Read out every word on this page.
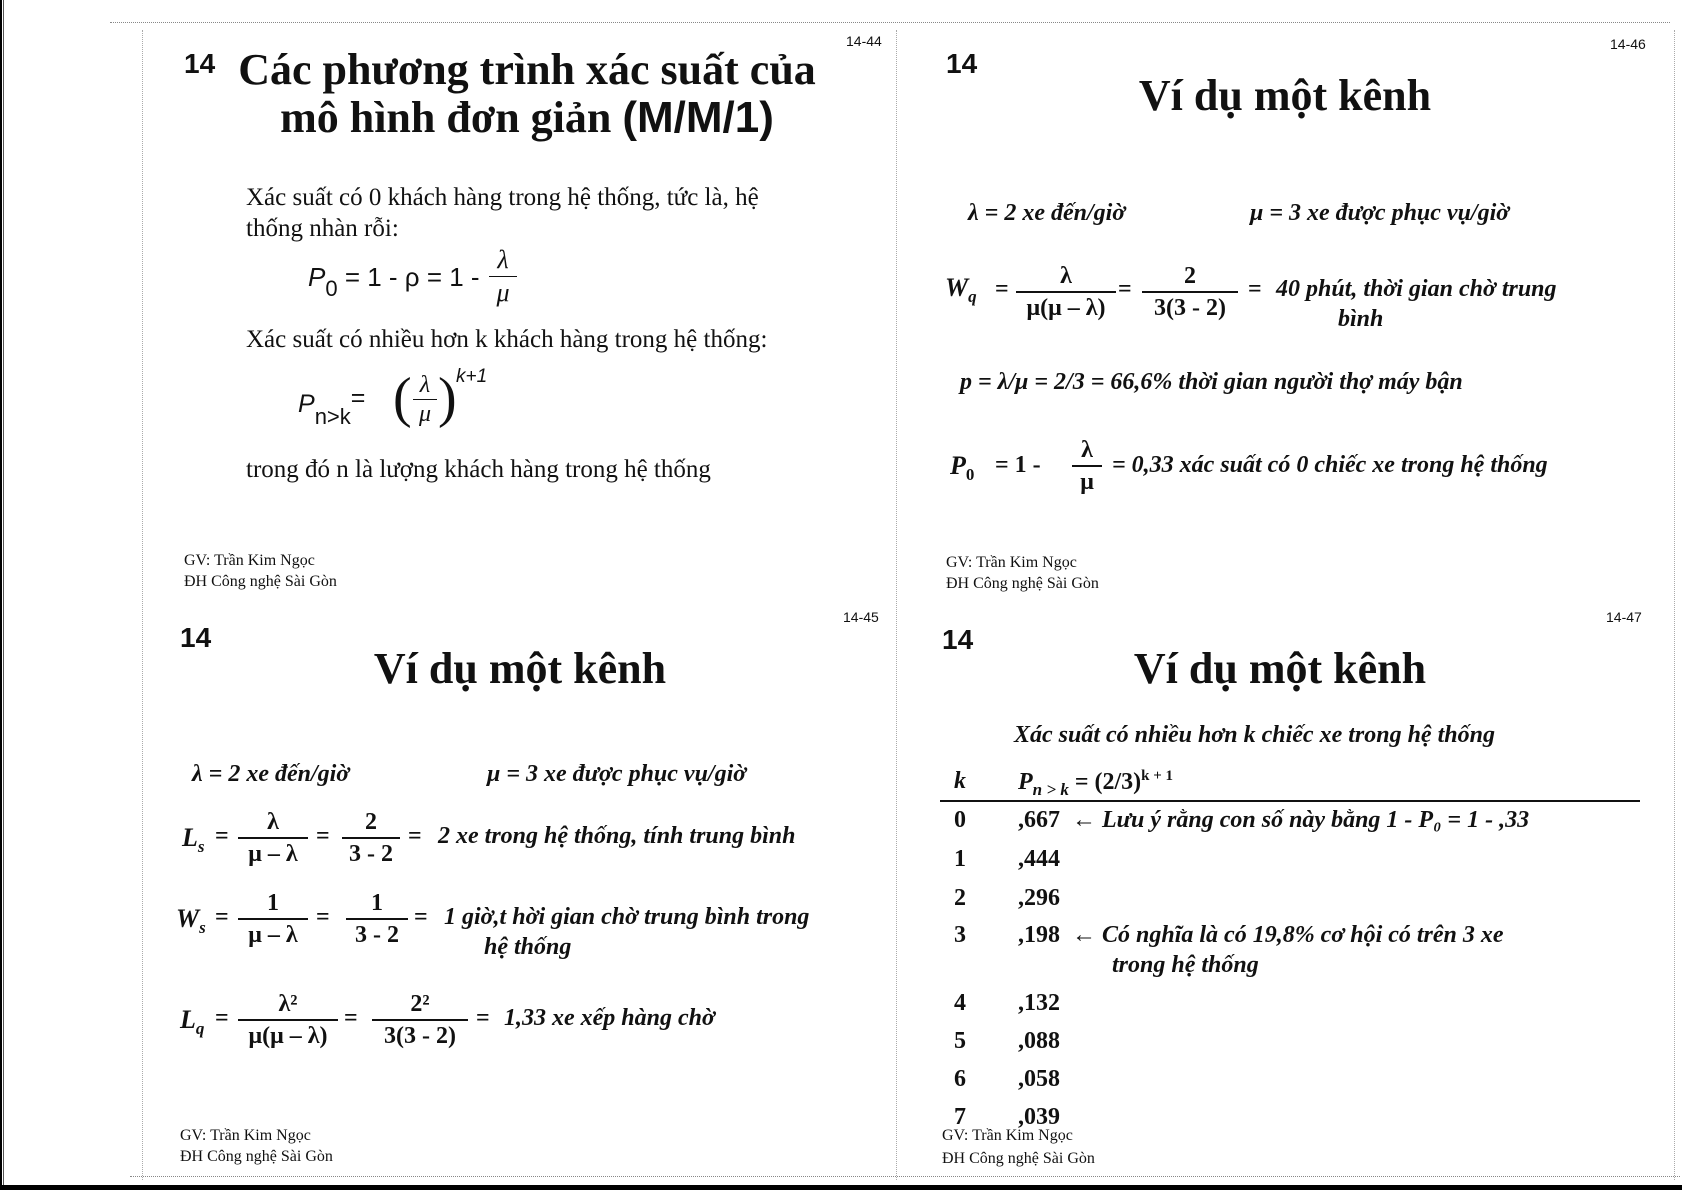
14-44
14 Các phương trình xác suất của
mô hình đơn giản (M/M/1)
Xác suất có 0 khách hàng trong hệ thống, tức là, hệ
thống nhàn rỗi:
$P_0 = 1 - \rho = 1$ -
λ
μ
Xác suất có nhiều hơn k khách hàng trong hệ thống:
$P_{n>k}=$ ( λ
μ ) k+1
trong đó n là lượng khách hàng trong hệ thống
GV: Trần Kim Ngọc
ĐH Công nghệ Sài Gòn
14-46
14
Ví dụ một kênh
λ = 2 xe đến/giờ	μ = 3 xe được phục vụ/giờ
$W_q$ =	λ
μ(μ – λ)
=	2
3(3 - 2)
= 40 phút, thời gian chờ trung
bình
p = λ/μ = 2/3 = 66,6% thời gian người thợ máy bận
$P_0 = 1$ -
λ
μ
= 0,33 xác suất có 0 chiếc xe trong hệ thống
GV: Trần Kim Ngọc
ĐH Công nghệ Sài Gòn
14-45
14
Ví dụ một kênh
λ = 2 xe đến/giờ	μ = 3 xe được phục vụ/giờ
$L_s$ =
λ
μ – λ
=
2
3 - 2
= 2 xe trong hệ thống, tính trung bình
$W_s$ =
1
μ – λ
=
1
3 - 2
= 1 giờ,t hời gian chờ trung bình trong
hệ thống
$L_q$ =
λ²
μ(μ – λ)
=
2²
3(3 - 2)
= 1,33 xe xếp hàng chờ
GV: Trần Kim Ngọc
ĐH Công nghệ Sài Gòn
14-47
14
Ví dụ một kênh
Xác suất có nhiều hơn k chiếc xe trong hệ thống
k $P_{n > k} = (2/3)^{k + 1}$
0 ,667 ← Lưu ý rằng con số này bằng 1 - P₀ = 1 - ,33
1 ,444
2 ,296
3 ,198 ← Có nghĩa là có 19,8% cơ hội có trên 3 xe
trong hệ thống
4 ,132
5 ,088
6 ,058
7 ,039
GV: Trần Kim Ngọc
ĐH Công nghệ Sài Gòn
